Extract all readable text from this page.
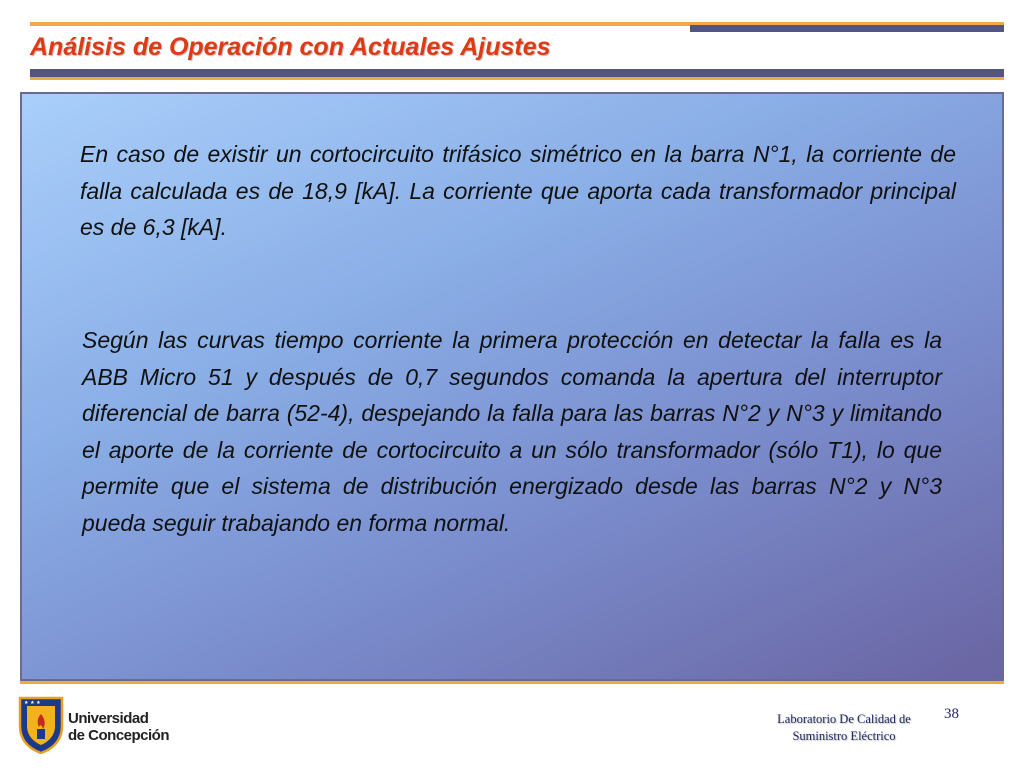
Análisis de Operación con Actuales Ajustes

En caso de existir un cortocircuito trifásico simétrico en la barra N°1, la corriente de falla calculada es de 18,9 [kA]. La corriente que aporta cada transformador principal es de 6,3 [kA].

Según las curvas tiempo corriente la primera protección en detectar la falla es la ABB Micro 51 y después de 0,7 segundos comanda la apertura del interruptor diferencial de barra (52-4), despejando la falla para las barras N°2 y N°3 y limitando el aporte de la corriente de cortocircuito a un sólo transformador (sólo T1), lo que permite que el sistema de distribución energizado desde las barras N°2 y N°3 pueda seguir trabajando en forma normal.

★ ★ ★
Universidad
de Concepción
Laboratorio De Calidad de
Suministro Eléctrico
38
